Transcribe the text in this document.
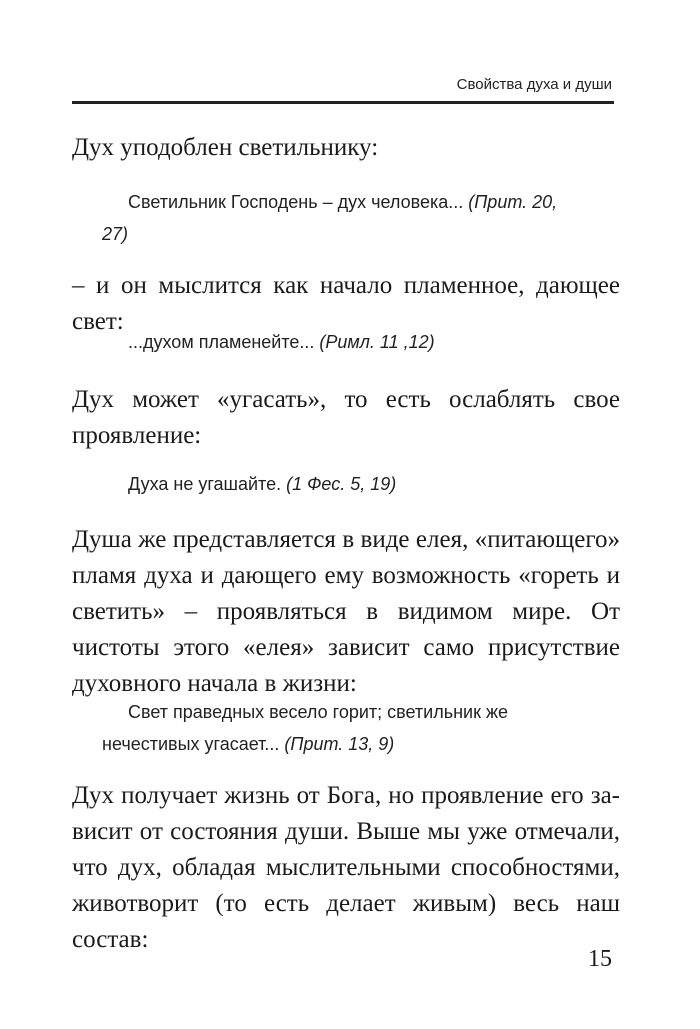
Свойства духа и души

Дух уподоблен светильнику:

Светильник Господень – дух человека... (Прит. 20, 27)

– и он мыслится как начало пламенное, дающее свет:

...духом пламенейте... (Римл. 11 ,12)

Дух может «угасать», то есть ослаблять свое проявление:

Духа не угашайте. (1 Фес. 5, 19)

Душа же представляется в виде елея, «питающего» пламя духа и дающего ему возможность «гореть и светить» – проявляться в видимом мире. От чистоты этого «елея» зависит само присутствие духовного начала в жизни:

Свет праведных весело горит; светильник же нечестивых угасает... (Прит. 13, 9)

Дух получает жизнь от Бога, но проявление его зависит от состояния души. Выше мы уже отмечали, что дух, обладая мыслительными способностями, животворит (то есть делает живым) весь наш состав:

15
